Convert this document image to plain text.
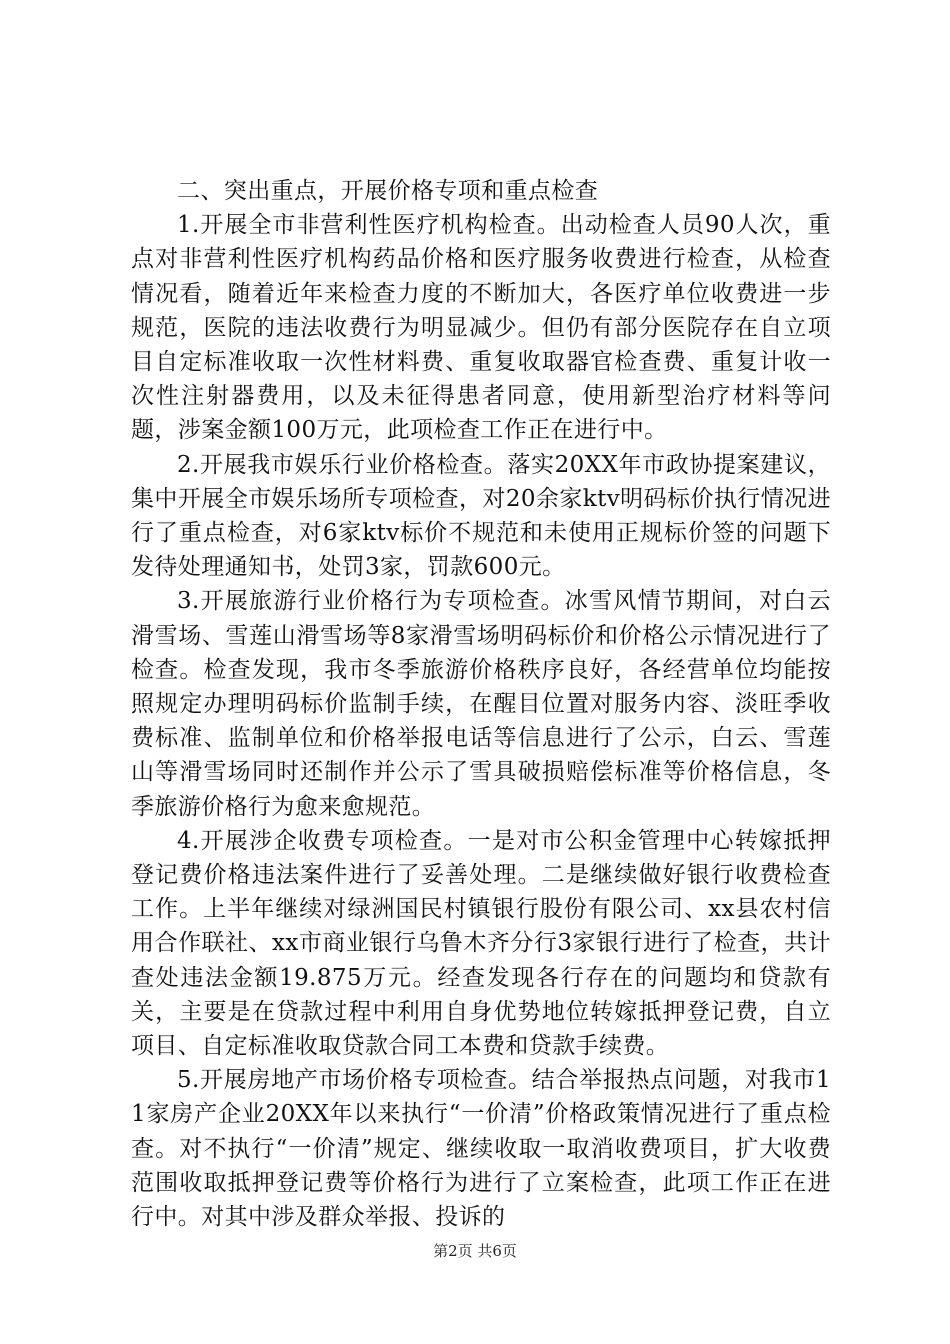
二、突出重点，开展价格专项和重点检查

1.开展全市非营利性医疗机构检查。出动检查人员90人次，重点对非营利性医疗机构药品价格和医疗服务收费进行检查，从检查情况看，随着近年来检查力度的不断加大，各医疗单位收费进一步规范，医院的违法收费行为明显减少。但仍有部分医院存在自立项目自定标准收取一次性材料费、重复收取器官检查费、重复计收一次性注射器费用，以及未征得患者同意，使用新型治疗材料等问题，涉案金额100万元，此项检查工作正在进行中。

2.开展我市娱乐行业价格检查。落实20XX年市政协提案建议，集中开展全市娱乐场所专项检查，对20余家ktv明码标价执行情况进行了重点检查，对6家ktv标价不规范和未使用正规标价签的问题下发待处理通知书，处罚3家，罚款600元。

3.开展旅游行业价格行为专项检查。冰雪风情节期间，对白云滑雪场、雪莲山滑雪场等8家滑雪场明码标价和价格公示情况进行了检查。检查发现，我市冬季旅游价格秩序良好，各经营单位均能按照规定办理明码标价监制手续，在醒目位置对服务内容、淡旺季收费标准、监制单位和价格举报电话等信息进行了公示，白云、雪莲山等滑雪场同时还制作并公示了雪具破损赔偿标准等价格信息，冬季旅游价格行为愈来愈规范。

4.开展涉企收费专项检查。一是对市公积金管理中心转嫁抵押登记费价格违法案件进行了妥善处理。二是继续做好银行收费检查工作。上半年继续对绿洲国民村镇银行股份有限公司、xx县农村信用合作联社、xx市商业银行乌鲁木齐分行3家银行进行了检查，共计查处违法金额19.875万元。经查发现各行存在的问题均和贷款有关，主要是在贷款过程中利用自身优势地位转嫁抵押登记费，自立项目、自定标准收取贷款合同工本费和贷款手续费。

5.开展房地产市场价格专项检查。结合举报热点问题，对我市11家房产企业20XX年以来执行“一价清”价格政策情况进行了重点检查。对不执行“一价清”规定、继续收取一取消收费项目，扩大收费范围收取抵押登记费等价格行为进行了立案检查，此项工作正在进行中。对其中涉及群众举报、投诉的

第2页 共6页
